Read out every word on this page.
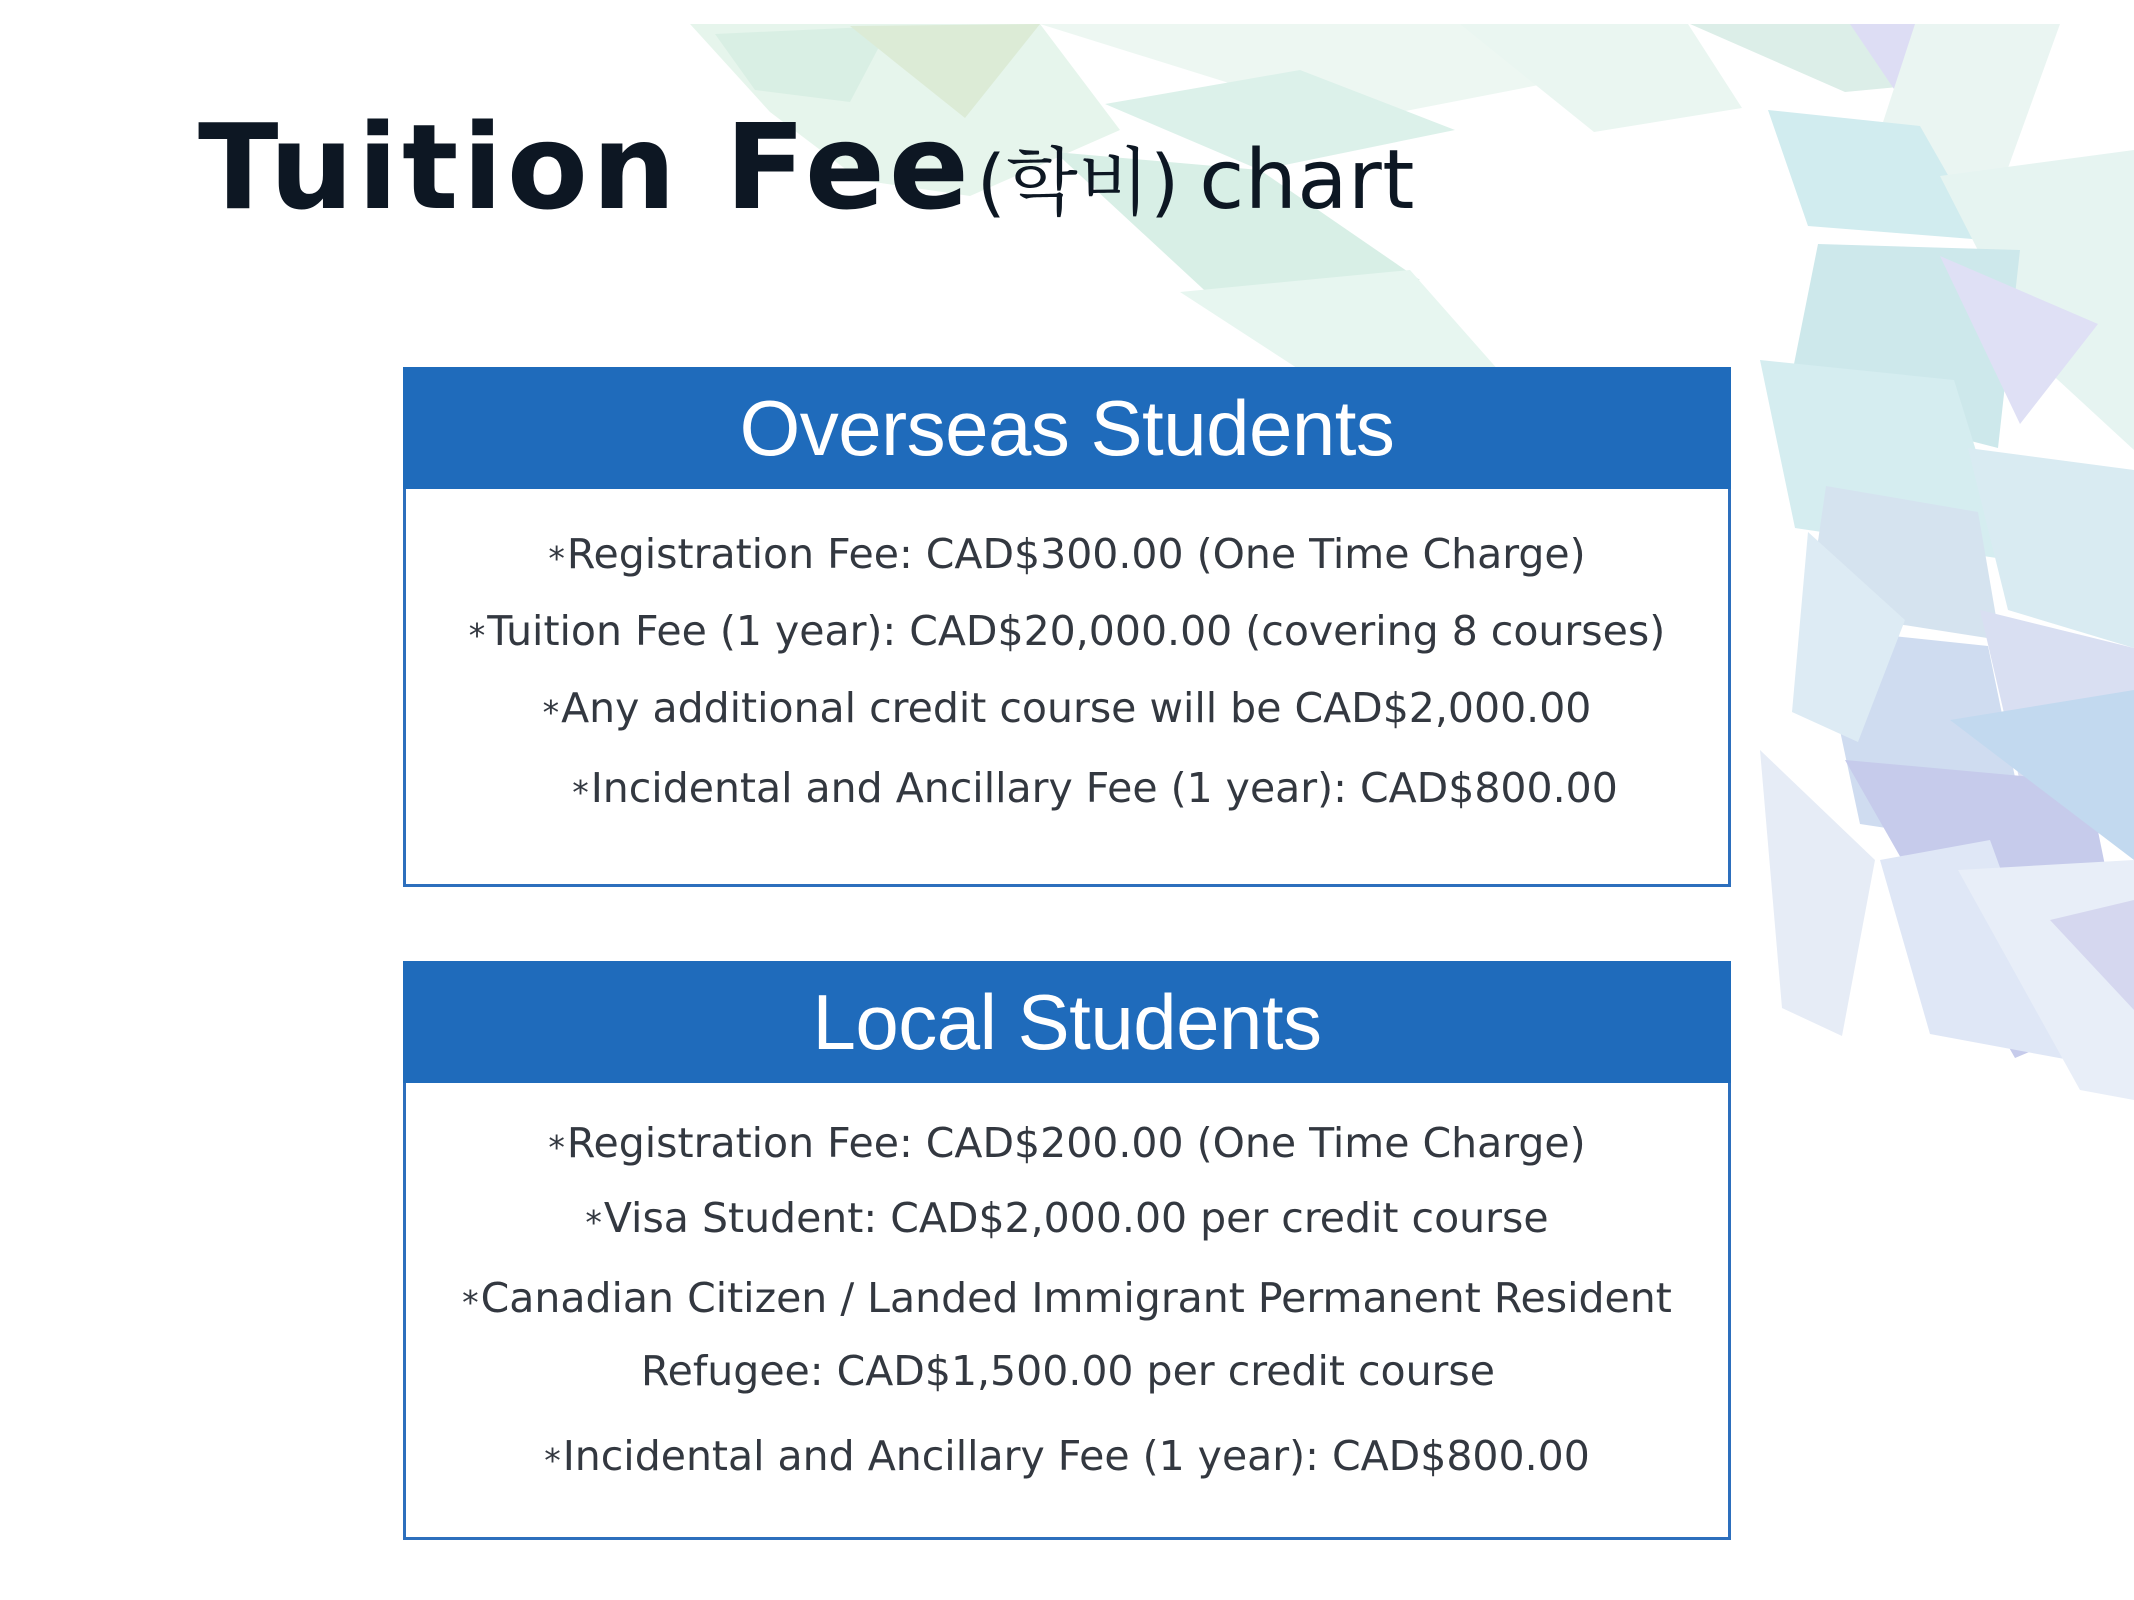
Tuition Fee(학비) chart
Overseas Students
*Registration Fee: CAD$300.00 (One Time Charge)
*Tuition Fee (1 year): CAD$20,000.00 (covering 8 courses)
*Any additional credit course will be CAD$2,000.00
*Incidental and Ancillary Fee (1 year): CAD$800.00
Local Students
*Registration Fee: CAD$200.00 (One Time Charge)
*Visa Student: CAD$2,000.00 per credit course
*Canadian Citizen / Landed Immigrant Permanent Resident
Refugee: CAD$1,500.00 per credit course
*Incidental and Ancillary Fee (1 year): CAD$800.00
